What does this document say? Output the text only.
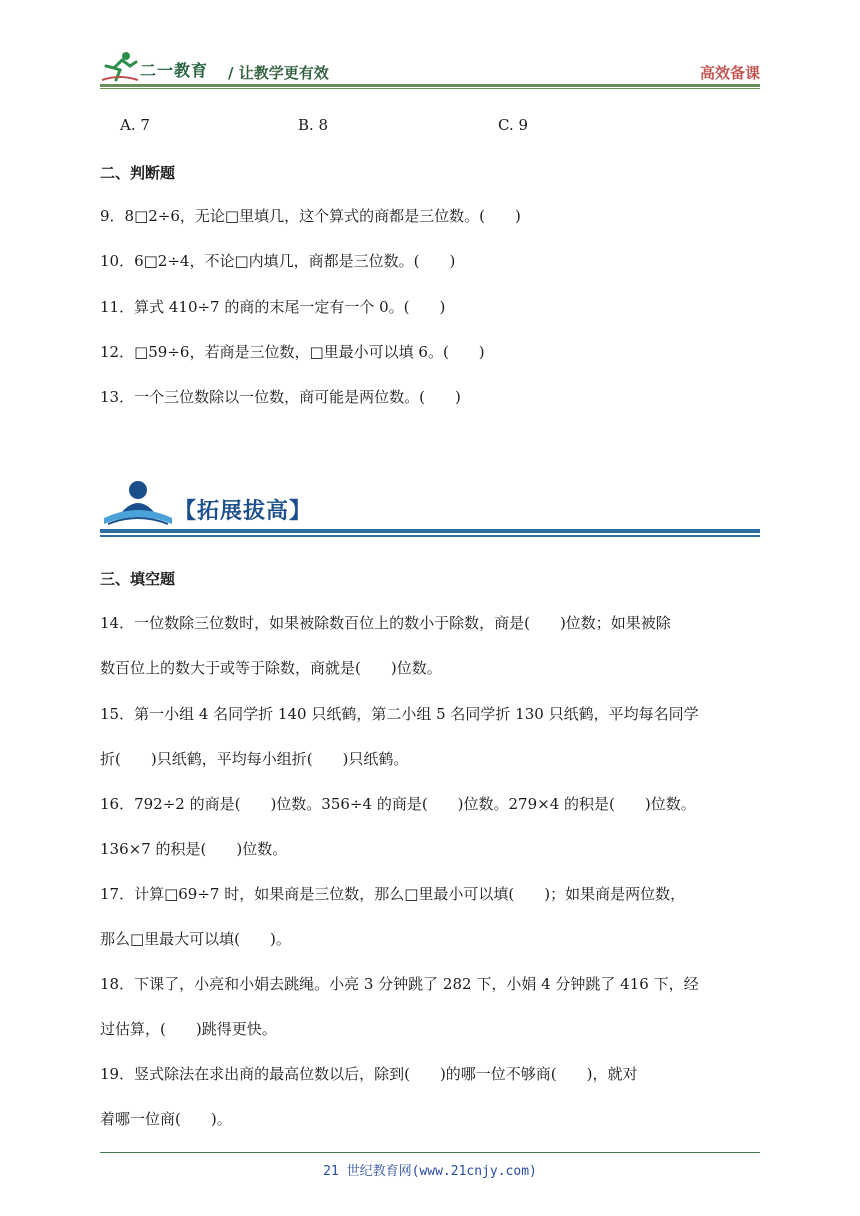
二一教育 / 让教学更有效	高效备课
A. 7	B. 8	C. 9
二、判断题
9．8□2÷6，无论□里填几，这个算式的商都是三位数。(　　)
10．6□2÷4，不论□内填几，商都是三位数。(　　)
11．算式 410÷7 的商的末尾一定有一个 0。(　　)
12．□59÷6，若商是三位数，□里最小可以填 6。(　　)
13．一个三位数除以一位数，商可能是两位数。(　　)
【拓展拔高】
三、填空题
14．一位数除三位数时，如果被除数百位上的数小于除数，商是(　　)位数；如果被除
数百位上的数大于或等于除数，商就是(　　)位数。
15．第一小组 4 名同学折 140 只纸鹤，第二小组 5 名同学折 130 只纸鹤，平均每名同学
折(　　)只纸鹤，平均每小组折(　　)只纸鹤。
16．792÷2 的商是(　　)位数。356÷4 的商是(　　)位数。279×4 的积是(　　)位数。
136×7 的积是(　　)位数。
17．计算□69÷7 时，如果商是三位数，那么□里最小可以填(　　)；如果商是两位数，
那么□里最大可以填(　　)。
18．下课了，小亮和小娟去跳绳。小亮 3 分钟跳了 282 下，小娟 4 分钟跳了 416 下，经
过估算，(　　)跳得更快。
19．竖式除法在求出商的最高位数以后，除到(　　)的哪一位不够商(　　)，就对
着哪一位商(　　)。
21 世纪教育网(www.21cnjy.com)
